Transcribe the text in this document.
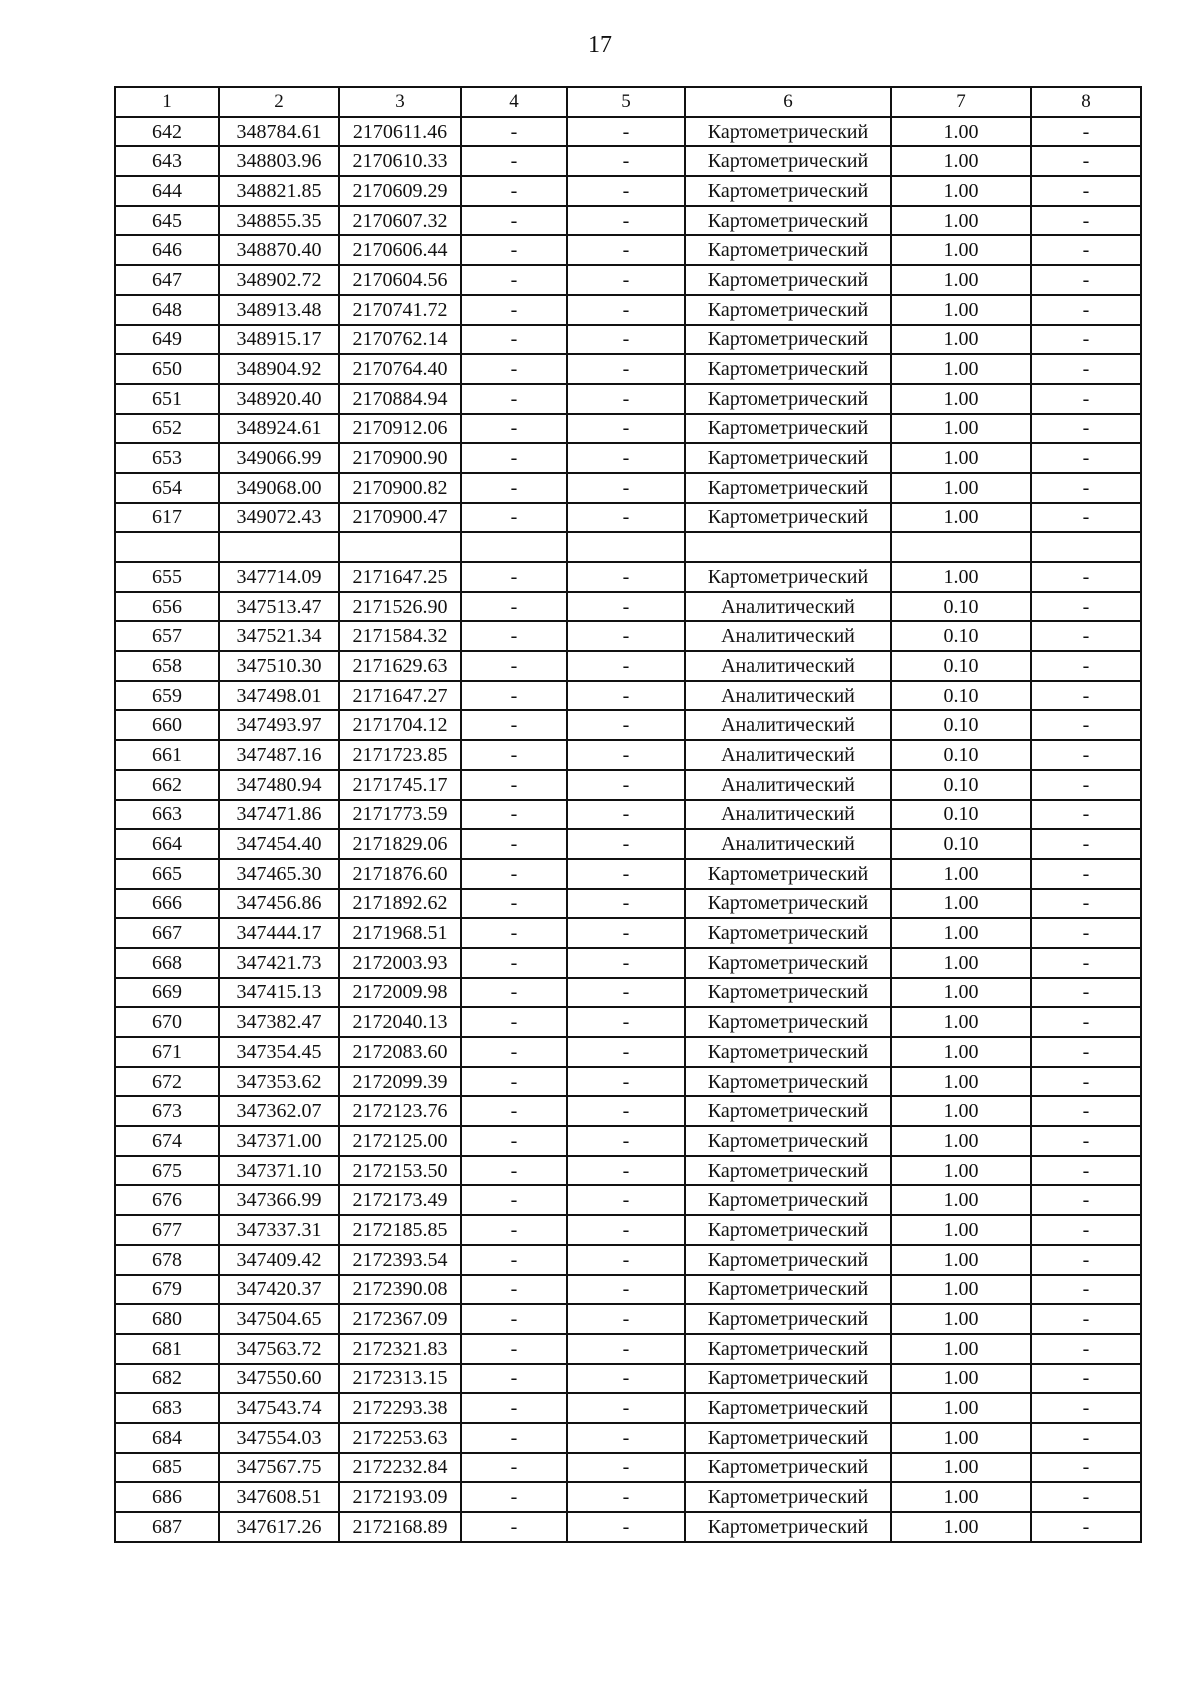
17
1	2	3	4	5	6	7	8
642	348784.61	2170611.46	-	-	Картометрический	1.00	-
643	348803.96	2170610.33	-	-	Картометрический	1.00	-
644	348821.85	2170609.29	-	-	Картометрический	1.00	-
645	348855.35	2170607.32	-	-	Картометрический	1.00	-
646	348870.40	2170606.44	-	-	Картометрический	1.00	-
647	348902.72	2170604.56	-	-	Картометрический	1.00	-
648	348913.48	2170741.72	-	-	Картометрический	1.00	-
649	348915.17	2170762.14	-	-	Картометрический	1.00	-
650	348904.92	2170764.40	-	-	Картометрический	1.00	-
651	348920.40	2170884.94	-	-	Картометрический	1.00	-
652	348924.61	2170912.06	-	-	Картометрический	1.00	-
653	349066.99	2170900.90	-	-	Картометрический	1.00	-
654	349068.00	2170900.82	-	-	Картометрический	1.00	-
617	349072.43	2170900.47	-	-	Картометрический	1.00	-

655	347714.09	2171647.25	-	-	Картометрический	1.00	-
656	347513.47	2171526.90	-	-	Аналитический	0.10	-
657	347521.34	2171584.32	-	-	Аналитический	0.10	-
658	347510.30	2171629.63	-	-	Аналитический	0.10	-
659	347498.01	2171647.27	-	-	Аналитический	0.10	-
660	347493.97	2171704.12	-	-	Аналитический	0.10	-
661	347487.16	2171723.85	-	-	Аналитический	0.10	-
662	347480.94	2171745.17	-	-	Аналитический	0.10	-
663	347471.86	2171773.59	-	-	Аналитический	0.10	-
664	347454.40	2171829.06	-	-	Аналитический	0.10	-
665	347465.30	2171876.60	-	-	Картометрический	1.00	-
666	347456.86	2171892.62	-	-	Картометрический	1.00	-
667	347444.17	2171968.51	-	-	Картометрический	1.00	-
668	347421.73	2172003.93	-	-	Картометрический	1.00	-
669	347415.13	2172009.98	-	-	Картометрический	1.00	-
670	347382.47	2172040.13	-	-	Картометрический	1.00	-
671	347354.45	2172083.60	-	-	Картометрический	1.00	-
672	347353.62	2172099.39	-	-	Картометрический	1.00	-
673	347362.07	2172123.76	-	-	Картометрический	1.00	-
674	347371.00	2172125.00	-	-	Картометрический	1.00	-
675	347371.10	2172153.50	-	-	Картометрический	1.00	-
676	347366.99	2172173.49	-	-	Картометрический	1.00	-
677	347337.31	2172185.85	-	-	Картометрический	1.00	-
678	347409.42	2172393.54	-	-	Картометрический	1.00	-
679	347420.37	2172390.08	-	-	Картометрический	1.00	-
680	347504.65	2172367.09	-	-	Картометрический	1.00	-
681	347563.72	2172321.83	-	-	Картометрический	1.00	-
682	347550.60	2172313.15	-	-	Картометрический	1.00	-
683	347543.74	2172293.38	-	-	Картометрический	1.00	-
684	347554.03	2172253.63	-	-	Картометрический	1.00	-
685	347567.75	2172232.84	-	-	Картометрический	1.00	-
686	347608.51	2172193.09	-	-	Картометрический	1.00	-
687	347617.26	2172168.89	-	-	Картометрический	1.00	-
